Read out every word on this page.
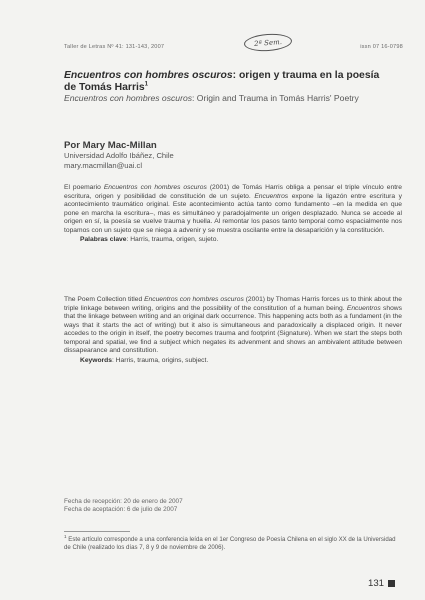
Taller de Letras Nº 41: 131-143, 2007	issn 07 16-0798
2ª Sem.
Encuentros con hombres oscuros: origen y trauma en la poesía de Tomás Harris$^1$
Encuentros con hombres oscuros: Origin and Trauma in Tomás Harris' Poetry
Por Mary Mac-Millan
Universidad Adolfo Ibáñez, Chile
mary.macmillan@uai.cl
El poemario Encuentros con hombres oscuros (2001) de Tomás Harris obliga a pensar el triple vínculo entre escritura, origen y posibilidad de constitución de un sujeto. Encuentros expone la ligazón entre escritura y acontecimiento traumático original. Este acontecimiento actúa tanto como fundamento –en la medida en que pone en marcha la escritura–, mas es simultáneo y paradojalmente un origen desplazado. Nunca se accede al origen en sí, la poesía se vuelve trauma y huella. Al remontar los pasos tanto temporal como espacialmente nos topamos con un sujeto que se niega a advenir y se muestra oscilante entre la desaparición y la constitución.
Palabras clave: Harris, trauma, origen, sujeto.
The Poem Collection titled Encuentros con hombres oscuros (2001) by Thomas Harris forces us to think about the triple linkage between writing, origins and the possibility of the constitution of a human being. Encuentros shows that the linkage between writing and an original dark occurrence. This happening acts both as a fundament (in the ways that it starts the act of writing) but it also is simultaneous and paradoxically a displaced origin. It never accedes to the origin in itself, the poetry becomes trauma and footprint (Signature). When we start the steps both temporal and spatial, we find a subject which negates its advenment and shows an ambivalent attitude between dissapearance and constitution.
Keywords: Harris, trauma, origins, subject.
Fecha de recepción: 20 de enero de 2007
Fecha de aceptación: 6 de julio de 2007
$^1$ Este artículo corresponde a una conferencia leída en el 1er Congreso de Poesía Chilena en el siglo XX de la Universidad de Chile (realizado los días 7, 8 y 9 de noviembre de 2006).
131
